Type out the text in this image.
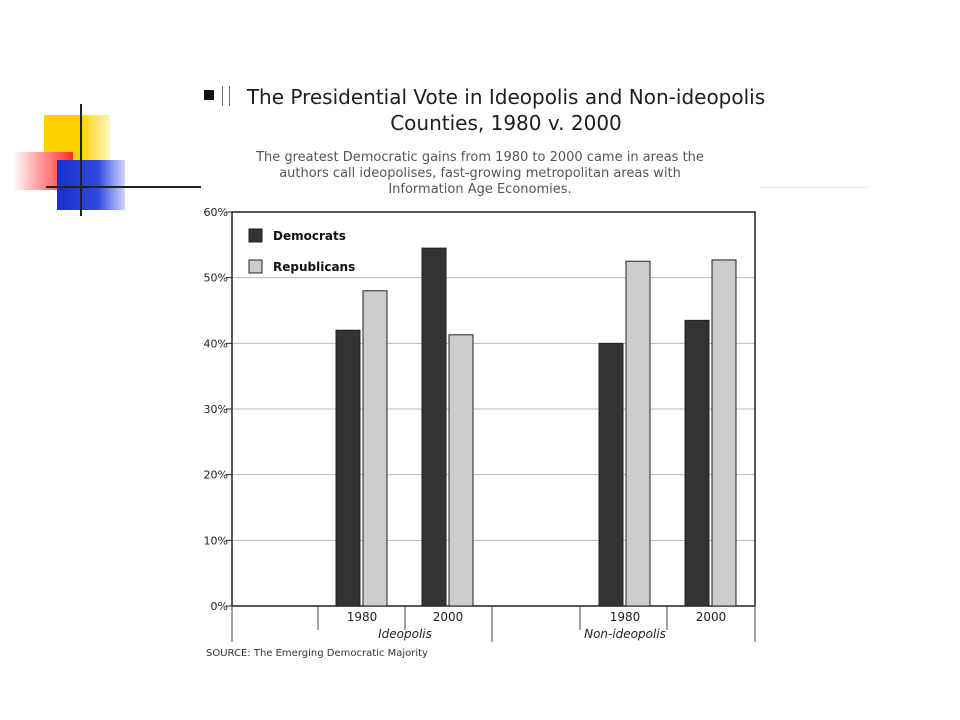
The Presidential Vote in Ideopolis and Non-ideopolis
Counties, 1980 v. 2000
The greatest Democratic gains from 1980 to 2000 came in areas the
authors call ideopolises, fast-growing metropolitan areas with
Information Age Economies.
0%
10%
20%
30%
40%
50%
60%
1980	2000	1980	2000
Ideopolis	Non-ideopolis
Democrats
Republicans
SOURCE: The Emerging Democratic Majority
